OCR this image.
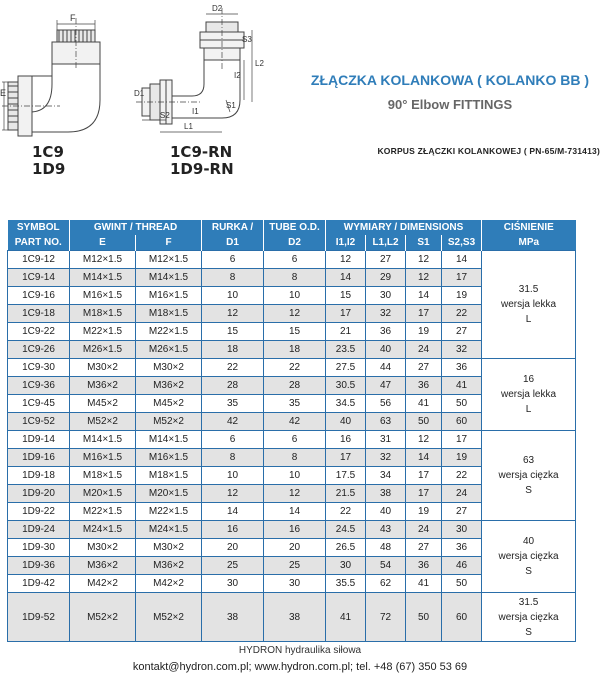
F
E
D2
S3
L2
I2
D1
S1
S2	I1
L1
1C9
1D9
1C9-RN
1D9-RN
ZŁĄCZKA KOLANKOWA ( KOLANKO BB )
90° Elbow FITTINGS
KORPUS ZŁĄCZKI KOLANKOWEJ ( PN-65/M-731413)
SYMBOL	GWINT / THREAD		RURKA /	TUBE O.D.	WYMIARY / DIMENSIONS				CIŚNIENIE
PART NO.	E	F	D1	D2	I1,I2	L1,L2	S1	S2,S3	MPa
1C9-12	M12×1.5	M12×1.5	6	6	12	27	12	14	31.5
wersja lekka
L

1C9-14	M14×1.5	M14×1.5	8	8	14	29	12	17	
1C9-16	M16×1.5	M16×1.5	10	10	15	30	14	19	
1C9-18	M18×1.5	M18×1.5	12	12	17	32	17	22	
1C9-22	M22×1.5	M22×1.5	15	15	21	36	19	27	
1C9-26	M26×1.5	M26×1.5	18	18	23.5	40	24	32	
1C9-30	M30×2	M30×2	22	22	27.5	44	27	36	16
wersja lekka
L

1C9-36	M36×2	M36×2	28	28	30.5	47	36	41	
1C9-45	M45×2	M45×2	35	35	34.5	56	41	50	
1C9-52	M52×2	M52×2	42	42	40	63	50	60	
1D9-14	M14×1.5	M14×1.5	6	6	16	31	12	17	63
wersja cięzka
S

1D9-16	M16×1.5	M16×1.5	8	8	17	32	14	19	
1D9-18	M18×1.5	M18×1.5	10	10	17.5	34	17	22	
1D9-20	M20×1.5	M20×1.5	12	12	21.5	38	17	24	
1D9-22	M22×1.5	M22×1.5	14	14	22	40	19	27	
1D9-24	M24×1.5	M24×1.5	16	16	24.5	43	24	30	40
wersja cięzka
S

1D9-30	M30×2	M30×2	20	20	26.5	48	27	36	
1D9-36	M36×2	M36×2	25	25	30	54	36	46	
1D9-42	M42×2	M42×2	30	30	35.5	62	41	50	
1D9-52	M52×2	M52×2	38	38	41	72	50	60	31.5
wersja cięzka
S
HYDRON hydraulika siłowa
kontakt@hydron.com.pl; www.hydron.com.pl; tel. +48 (67) 350 53 69
